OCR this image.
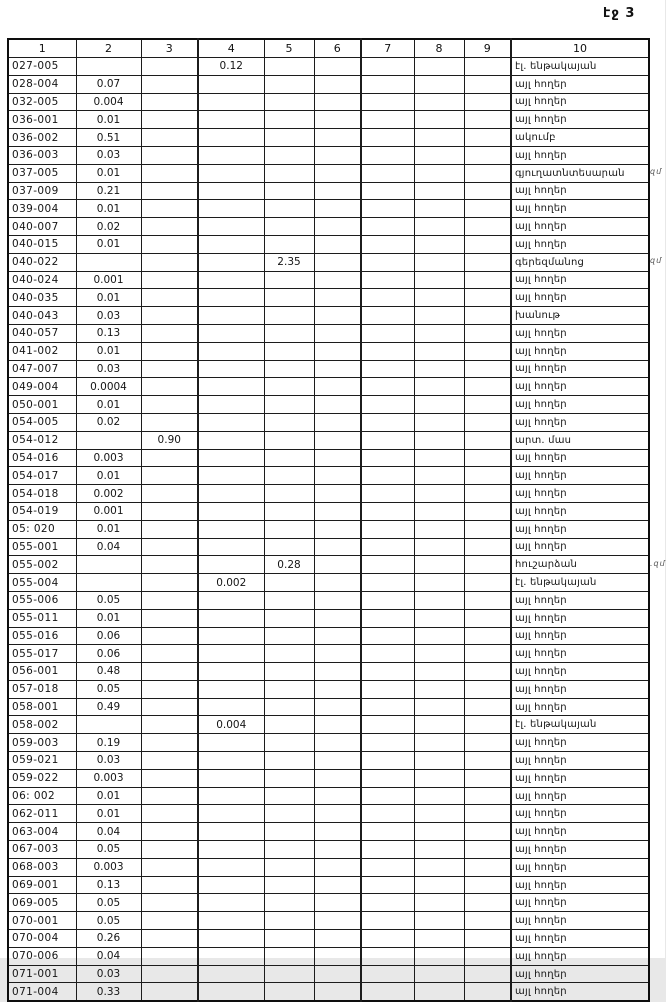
էջ 3
1	2	3	4	5	6	7	8	9	10
027-005			0.12						էլ. ենթակայան
028-004	0.07								այլ հողեր
032-005	0.004								այլ հողեր
036-001	0.01								այլ հողեր
036-002	0.51								ակումբ
036-003	0.03								այլ հողեր
037-005	0.01								գյուղատնտեսարան
037-009	0.21								այլ հողեր
039-004	0.01								այլ հողեր
040-007	0.02								այլ հողեր
040-015	0.01								այլ հողեր
040-022				2.35					գերեզմանոց
040-024	0.001								այլ հողեր
040-035	0.01								այլ հողեր
040-043	0.03								խանութ
040-057	0.13								այլ հողեր
041-002	0.01								այլ հողեր
047-007	0.03								այլ հողեր
049-004	0.0004								այլ հողեր
050-001	0.01								այլ հողեր
054-005	0.02								այլ հողեր
054-012		0.90							արտ. մաս
054-016	0.003								այլ հողեր
054-017	0.01								այլ հողեր
054-018	0.002								այլ հողեր
054-019	0.001								այլ հողեր
05: 020	0.01								այլ հողեր
055-001	0.04								այլ հողեր
055-002				0.28					հուշարձան
055-004			0.002						էլ. ենթակայան
055-006	0.05								այլ հողեր
055-011	0.01								այլ հողեր
055-016	0.06								այլ հողեր
055-017	0.06								այլ հողեր
056-001	0.48								այլ հողեր
057-018	0.05								այլ հողեր
058-001	0.49								այլ հողեր
058-002			0.004						էլ. ենթակայան
059-003	0.19								այլ հողեր
059-021	0.03								այլ հողեր
059-022	0.003								այլ հողեր
06: 002	0.01								այլ հողեր
062-011	0.01								այլ հողեր
063-004	0.04								այլ հողեր
067-003	0.05								այլ հողեր
068-003	0.003								այլ հողեր
069-001	0.13								այլ հողեր
069-005	0.05								այլ հողեր
070-001	0.05								այլ հողեր
070-004	0.26								այլ հողեր
070-006	0.04								այլ հողեր
071-001	0.03								այլ հողեր
071-004	0.33								այլ հողեր
զմ
զմ
.զմ
